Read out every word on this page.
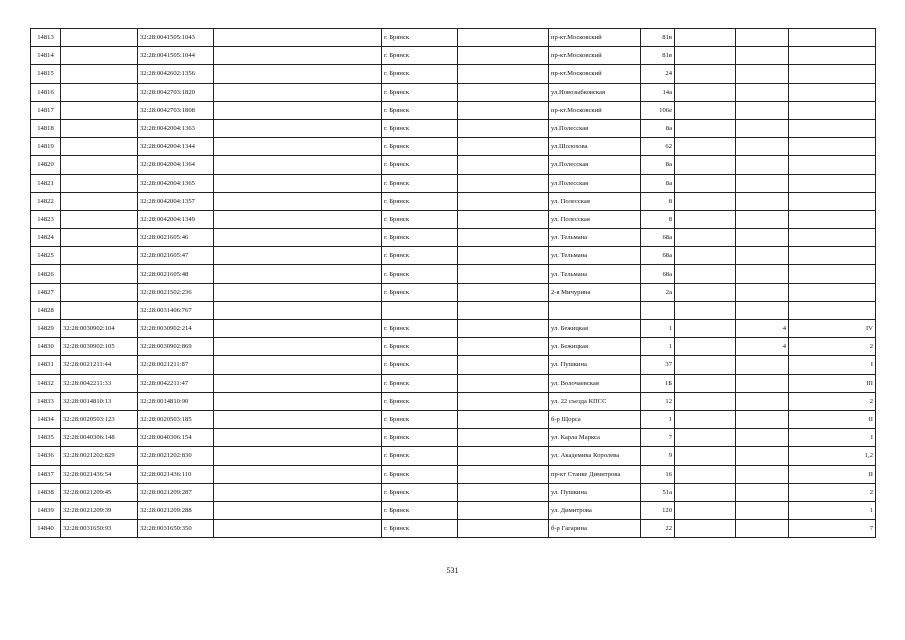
14813		32:28:0041505:1043		г. Брянск		пр-кт.Московский	81в			
14814		32:28:0041505:1044		г. Брянск		пр-кт.Московский	81в			
14815		32:28:0042602:1356		г. Брянск		пр-кт.Московский	24			
14816		32:28:0042703:1820		г. Брянск		ул.Новозыбковская	14а			
14817		32:28:0042703:1808		г. Брянск		пр-кт.Московский	106е			
14818		32:28:0042004:1363		г. Брянск		ул.Полесская	8а			
14819		32:28:0042004:1344		г. Брянск		ул.Шолохова	62			
14820		32:28:0042004:1364		г. Брянск		ул.Полесская	8а			
14821		32:28:0042004:1365		г. Брянск		ул.Полесская	8а			
14822		32:28:0042004:1357		г. Брянск		ул. Полесская	8			
14823		32:28:0042004:1349		г. Брянск		ул. Полесская	8			
14824		32:28:0021605:46		г. Брянск		ул. Тельмана	68а			
14825		32:28:0021605:47		г. Брянск		ул. Тельмана	68а			
14826		32:28:0021605:48		г. Брянск		ул. Тельмана	68а			
14827		32:28:0021502:236		г. Брянск		2-я Мичурина	2а			
14828		32:28:0031406:767								
14829	32:28:0030902:104	32:28:0030902:214		г. Брянск		ул. Бежицкая	1		4	IV
14830	32:28:0030902:105	32:28:0030902:869		г. Брянск		ул. Бежицкая	1		4	2
14831	32:28:0021211:44	32:28:0021211:87		г. Брянск		ул. Пушкина	37			I
14832	32:28:0042211:33	32:28:0042211:47		г. Брянск		ул. Волочаевская	1Б			III
14833	32:28:0014810:13	32:28:0014810:90		г. Брянск		ул. 22 съезда КПСС	12			2
14834	32:28:0020503:123	32:28:0020503:185		г. Брянск		б-р Щорса	1			II
14835	32:28:0040306:148	32:28:0040306:154		г. Брянск		ул. Карла Маркса	7			I
14836	32:28:0021202:829	32:28:0021202:830		г. Брянск		ул. Академика Королева	9			1,2
14837	32:28:0021436:54	32:28:0021436:110		г. Брянск		пр-кт Станке Димитрова	16			II
14838	32:28:0021209:45	32:28:0021209:287		г. Брянск		ул. Пушкина	51а			2
14839	32:28:0021209:39	32:28:0021209:288		г. Брянск		ул. Димитрова	120			1
14840	32:28:0031650:93	32:28:0031650:350		г. Брянск		б-р Гагарина	22			7
531
